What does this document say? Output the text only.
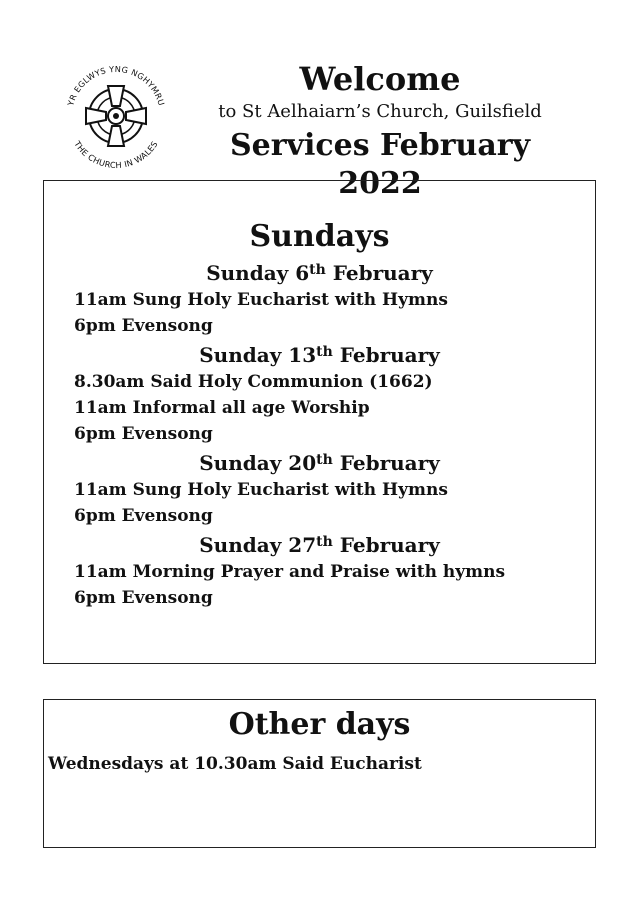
YR EGLWYS YNG NGHYMRU
THE CHURCH IN WALES
Welcome
to St Aelhaiarn’s Church, Guilsfield
Services February 2022
Sundays
Sunday 6th February
11am Sung Holy Eucharist with Hymns
6pm Evensong
Sunday 13th February
8.30am Said Holy Communion (1662)
11am Informal all age Worship
6pm Evensong
Sunday 20th February
11am Sung Holy Eucharist with Hymns
6pm Evensong
Sunday 27th February
11am Morning Prayer and Praise with hymns
6pm Evensong
Other days
Wednesdays at 10.30am Said Eucharist
